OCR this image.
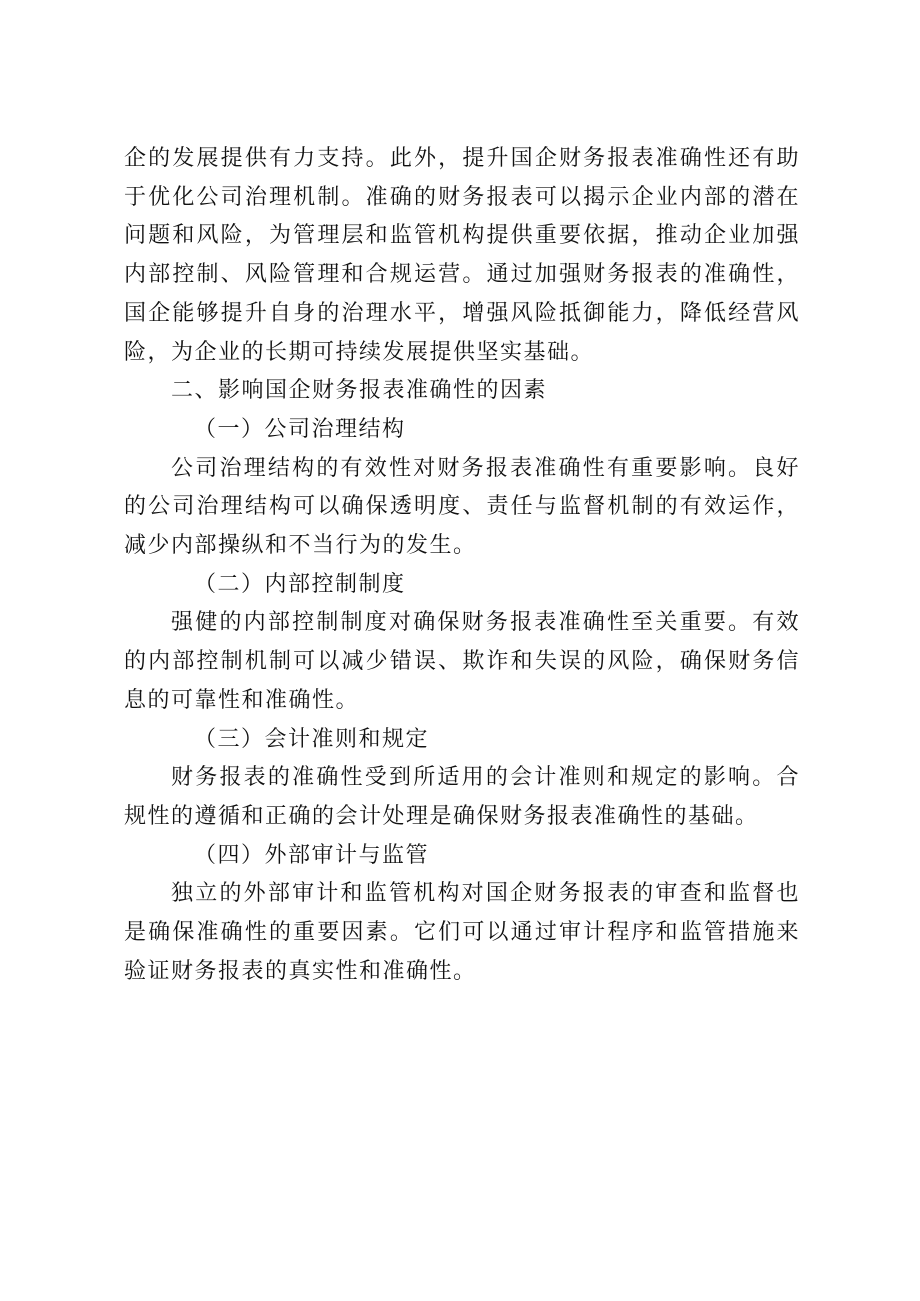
企的发展提供有力支持。此外，提升国企财务报表准确性还有助于优化公司治理机制。准确的财务报表可以揭示企业内部的潜在问题和风险，为管理层和监管机构提供重要依据，推动企业加强内部控制、风险管理和合规运营。通过加强财务报表的准确性，国企能够提升自身的治理水平，增强风险抵御能力，降低经营风险，为企业的长期可持续发展提供坚实基础。

二、影响国企财务报表准确性的因素

（一）公司治理结构

公司治理结构的有效性对财务报表准确性有重要影响。良好的公司治理结构可以确保透明度、责任与监督机制的有效运作，减少内部操纵和不当行为的发生。

（二）内部控制制度

强健的内部控制制度对确保财务报表准确性至关重要。有效的内部控制机制可以减少错误、欺诈和失误的风险，确保财务信息的可靠性和准确性。

（三）会计准则和规定

财务报表的准确性受到所适用的会计准则和规定的影响。合规性的遵循和正确的会计处理是确保财务报表准确性的基础。

（四）外部审计与监管

独立的外部审计和监管机构对国企财务报表的审查和监督也是确保准确性的重要因素。它们可以通过审计程序和监管措施来验证财务报表的真实性和准确性。
